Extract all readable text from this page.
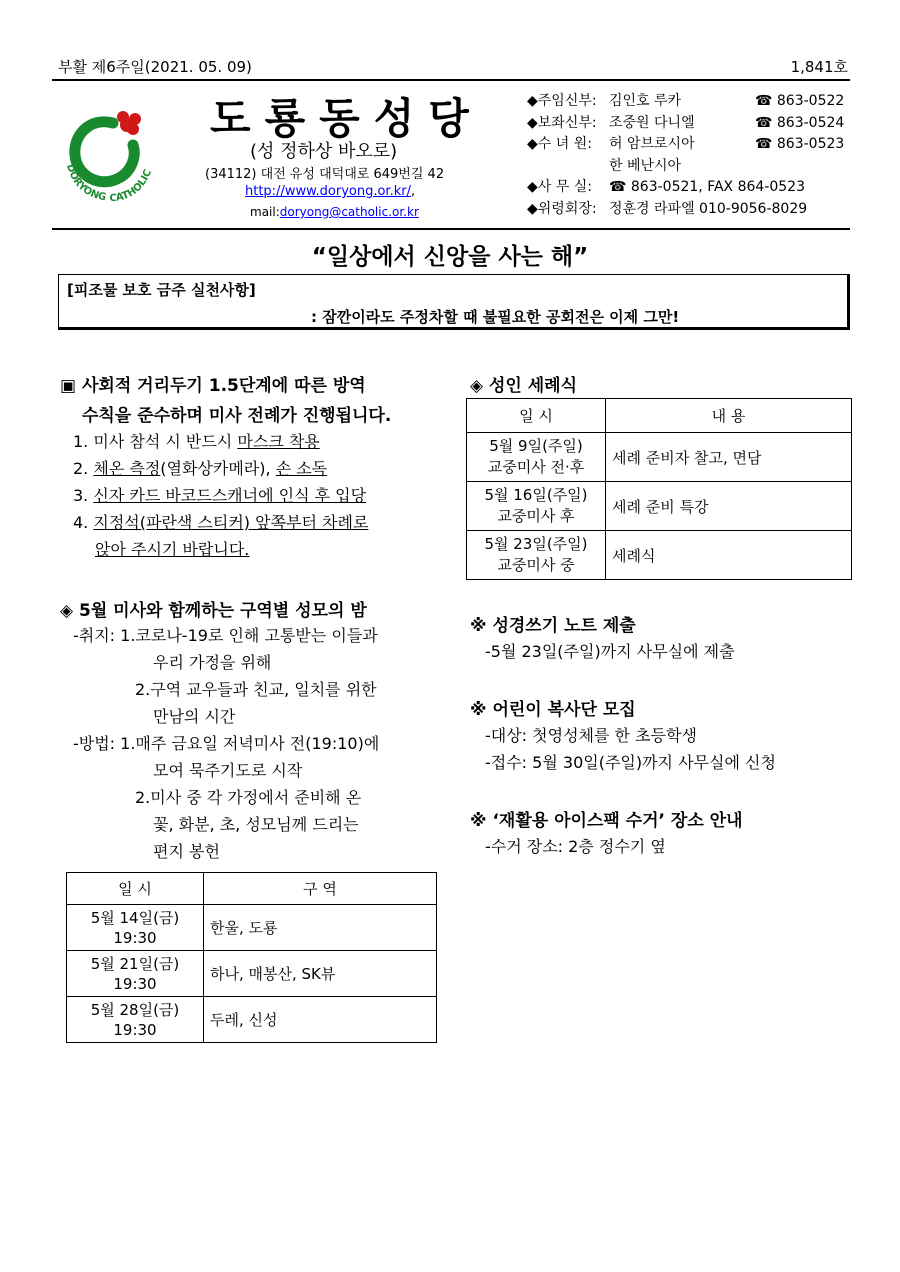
부활 제6주일(2021. 05. 09)	1,841호
DORYONG CATHOLIC
도룡동성당
(성 정하상 바오로)
(34112) 대전 유성 대덕대로 649번길 42
http://www.doryong.or.kr/,
mail:doryong@catholic.or.kr
◆주임신부: 김인호 루카	☎ 863-0522
◆보좌신부: 조중원 다니엘	☎ 863-0524
◆수 녀 원:	허 암브로시아	☎ 863-0523
한 베난시아
◆사 무 실:	☎ 863-0521, FAX 864-0523
◆위령회장: 정훈경 라파엘 010-9056-8029
“일상에서 신앙을 사는 해”
[피조물 보호 금주 실천사항]
: 잠깐이라도 주정차할 때 불필요한 공회전은 이제 그만!
▣ 사회적 거리두기 1.5단계에 따른 방역
수칙을 준수하며 미사 전례가 진행됩니다.
1. 미사 참석 시 반드시 마스크 착용
2. 체온 측정(열화상카메라), 손 소독
3. 신자 카드 바코드스캐너에 인식 후 입당
4. 지정석(파란색 스티커) 앞쪽부터 차례로
앉아 주시기 바랍니다.
◈ 5월 미사와 함께하는 구역별 성모의 밤
-취지: 1.코로나-19로 인해 고통받는 이들과
우리 가정을 위해
2.구역 교우들과 친교, 일치를 위한
만남의 시간
-방법: 1.매주 금요일 저녁미사 전(19:10)에
모여 묵주기도로 시작
2.미사 중 각 가정에서 준비해 온
꽃, 화분, 초, 성모님께 드리는
편지 봉헌
일 시	구 역

5월 14일(금)
19:30	한울, 도룡

5월 21일(금)
19:30	하나, 매봉산, SK뷰

5월 28일(금)
19:30	두레, 신성
◈ 성인 세례식
일 시	내 용

5월 9일(주일)
교중미사 전·후	세례 준비자 찰고, 면담

5월 16일(주일)
교중미사 후	세례 준비 특강

5월 23일(주일)
교중미사 중	세례식
※ 성경쓰기 노트 제출
-5월 23일(주일)까지 사무실에 제출
※ 어린이 복사단 모집
-대상: 첫영성체를 한 초등학생
-접수: 5월 30일(주일)까지 사무실에 신청
※ ‘재활용 아이스팩 수거’ 장소 안내
-수거 장소: 2층 정수기 옆
